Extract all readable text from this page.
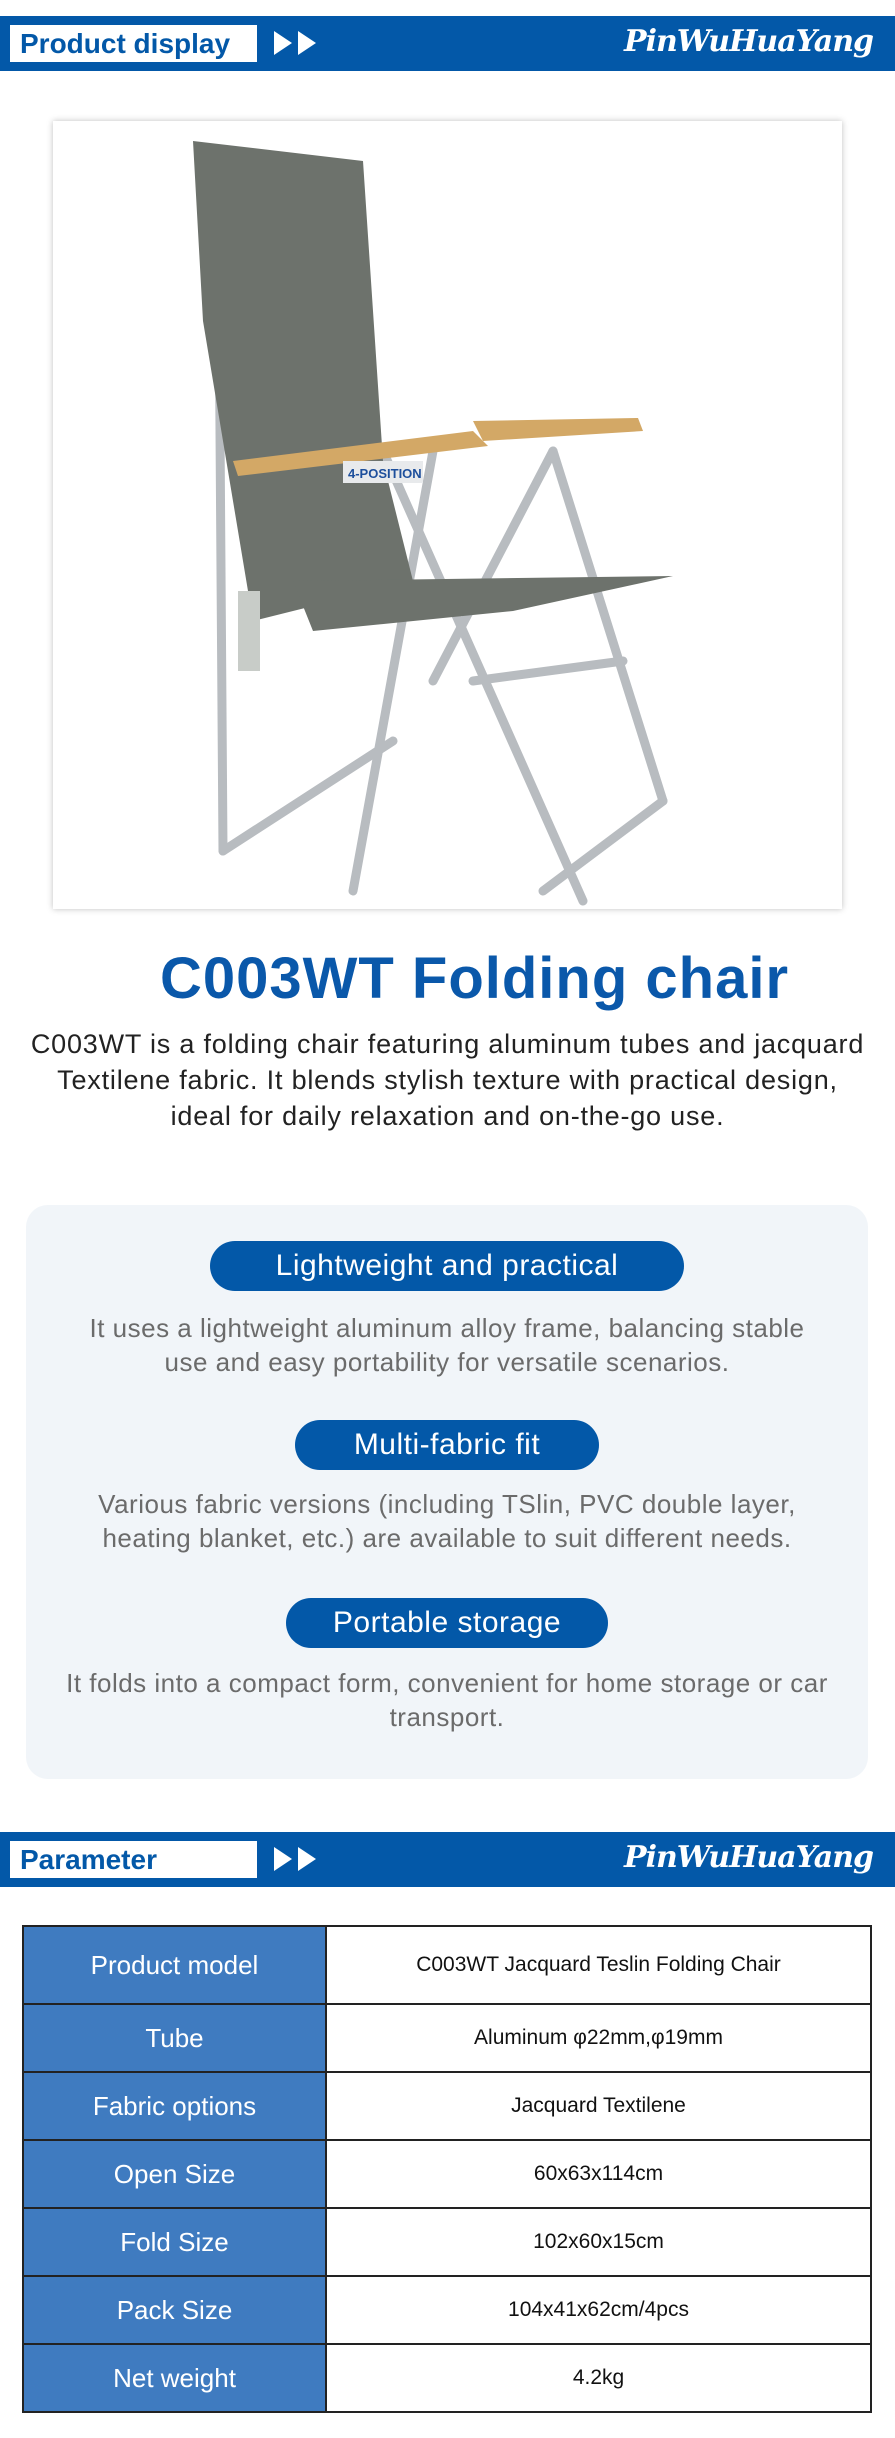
Product display	PinWuHuaYang
4-POSITION
C003WT Folding chair
C003WT is a folding chair featuring aluminum tubes and jacquard Textilene fabric. It blends stylish texture with practical design, ideal for daily relaxation and on-the-go use.
Lightweight and practical
It uses a lightweight aluminum alloy frame, balancing stable use and easy portability for versatile scenarios.
Multi-fabric fit
Various fabric versions (including TSlin, PVC double layer, heating blanket, etc.) are available to suit different needs.
Portable storage
It folds into a compact form, convenient for home storage or car transport.
Parameter	PinWuHuaYang
Product model	C003WT Jacquard Teslin Folding Chair
Tube	Aluminum φ22mm,φ19mm
Fabric options	Jacquard Textilene
Open Size	60x63x114cm
Fold Size	102x60x15cm
Pack Size	104x41x62cm/4pcs
Net weight	4.2kg
